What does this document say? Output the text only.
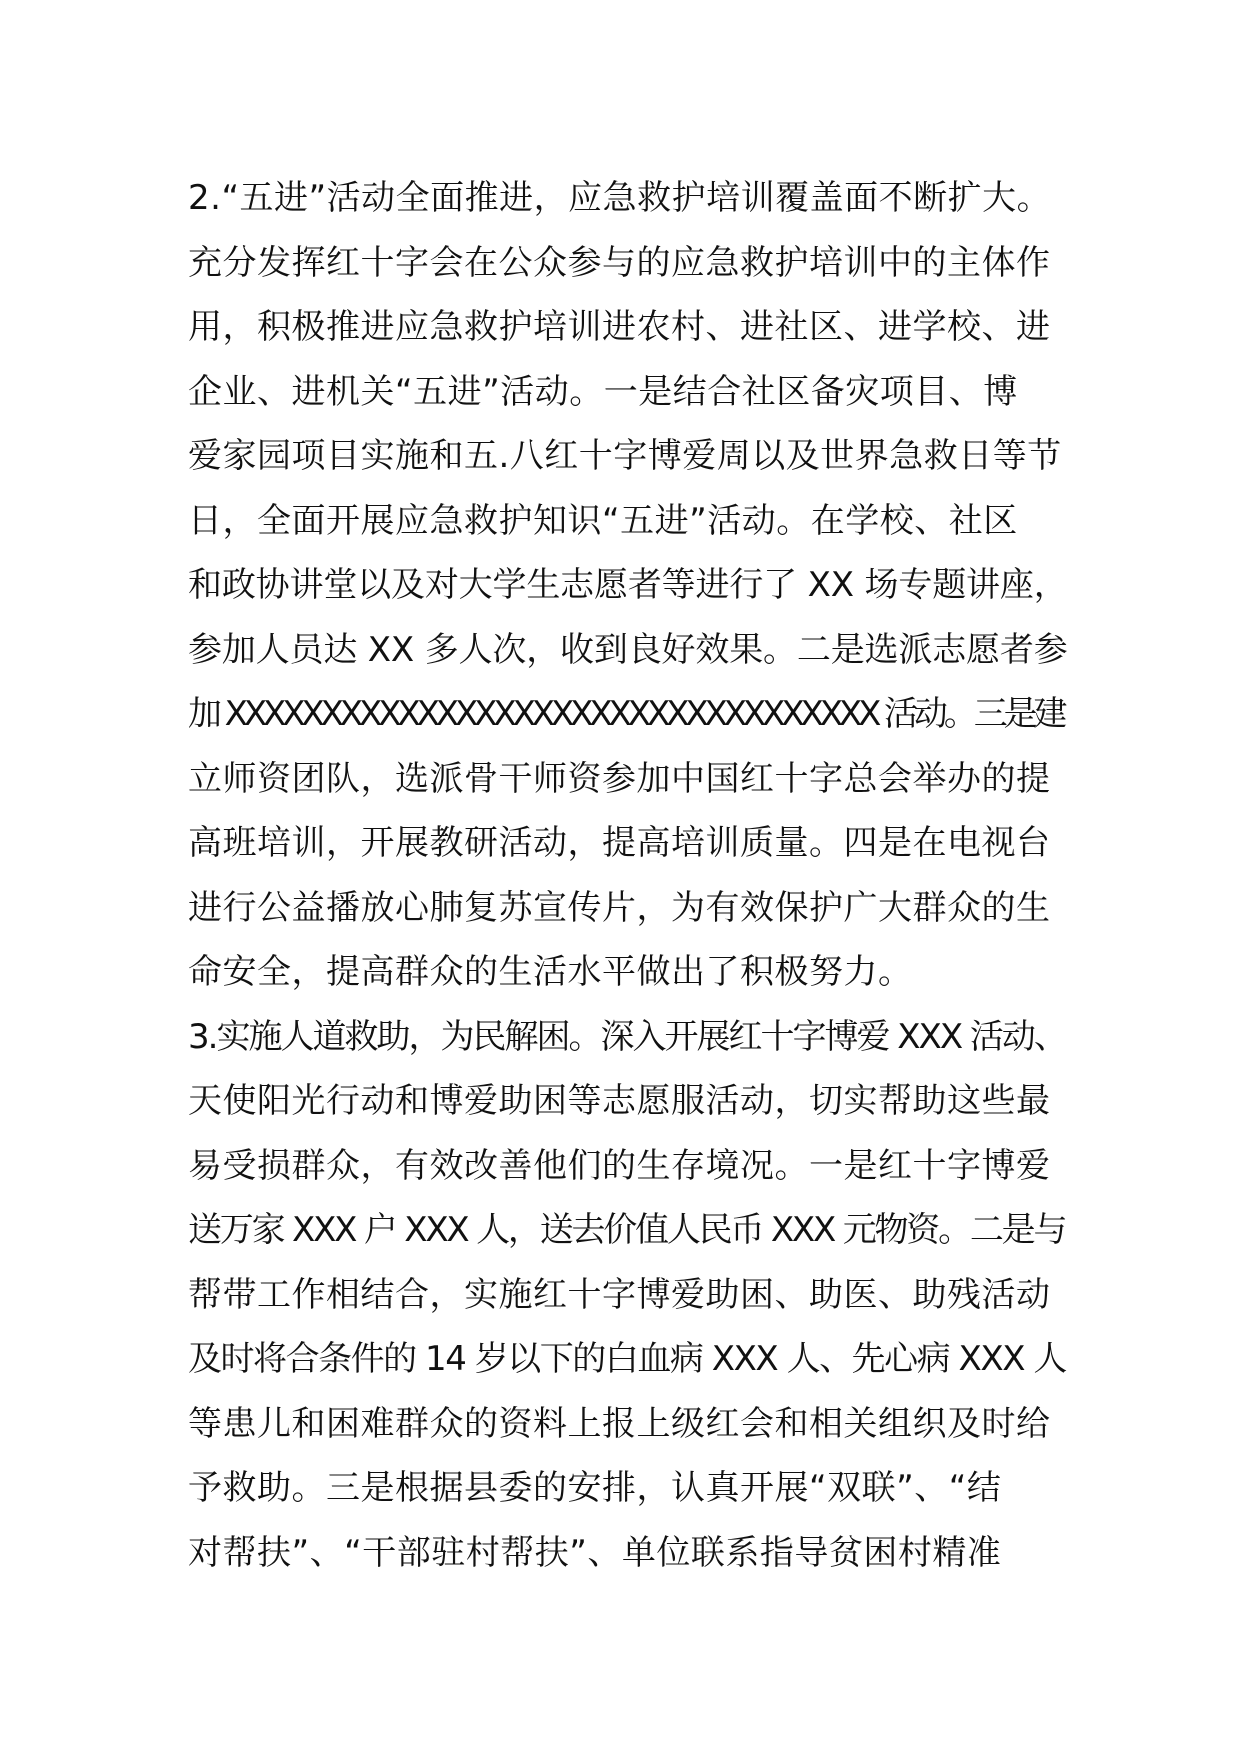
2.“五进”活动全面推进，应急救护培训覆盖面不断扩大。
充分发挥红十字会在公众参与的应急救护培训中的主体作
用，积极推进应急救护培训进农村、进社区、进学校、进
企业、进机关“五进”活动。一是结合社区备灾项目、博
爱家园项目实施和五.八红十字博爱周以及世界急救日等节
日，全面开展应急救护知识“五进”活动。在学校、社区
和政协讲堂以及对大学生志愿者等进行了 XX 场专题讲座，
参加人员达 XX 多人次，收到良好效果。二是选派志愿者参
加 XXXXXXXXXXXXXXXXXXXXXXXXXXXXXXXXXX 活动。三是建
立师资团队，选派骨干师资参加中国红十字总会举办的提
高班培训，开展教研活动，提高培训质量。四是在电视台
进行公益播放心肺复苏宣传片，为有效保护广大群众的生
命安全，提高群众的生活水平做出了积极努力。
3.实施人道救助，为民解困。深入开展红十字博爱 XXX 活动、
天使阳光行动和博爱助困等志愿服活动，切实帮助这些最
易受损群众，有效改善他们的生存境况。一是红十字博爱
送万家 XXX 户 XXX 人，送去价值人民币 XXX 元物资。二是与
帮带工作相结合，实施红十字博爱助困、助医、助残活动
及时将合条件的 14 岁以下的白血病 XXX 人、先心病 XXX 人
等患儿和困难群众的资料上报上级红会和相关组织及时给
予救助。三是根据县委的安排，认真开展“双联”、“结
对帮扶”、“干部驻村帮扶”、单位联系指导贫困村精准
